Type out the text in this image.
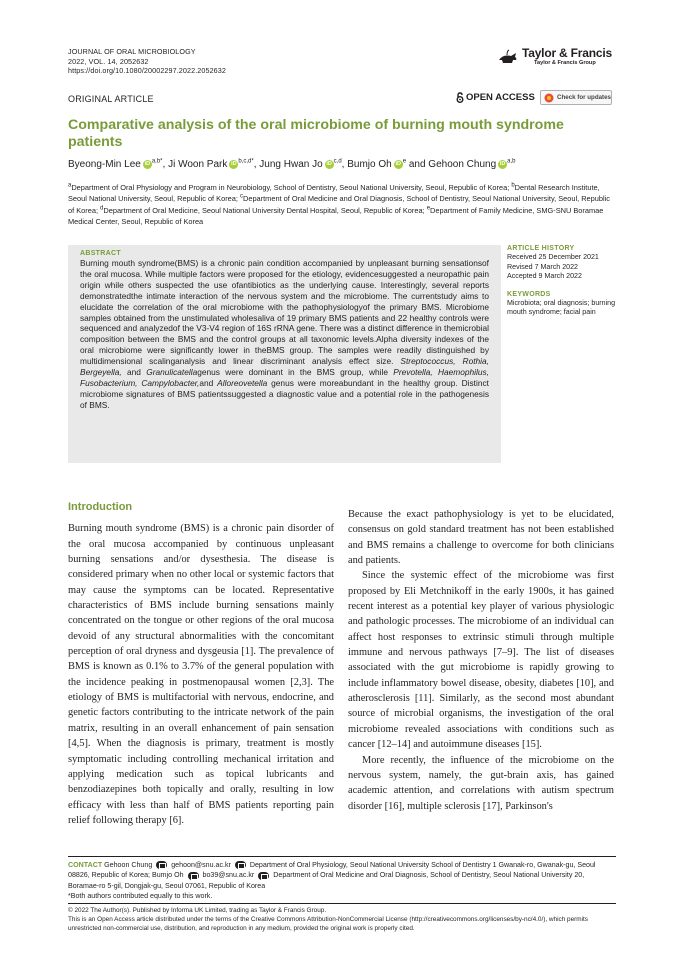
JOURNAL OF ORAL MICROBIOLOGY
2022, VOL. 14, 2052632
https://doi.org/10.1080/20002297.2022.2052632
Taylor & Francis
Taylor & Francis Group
ORIGINAL ARTICLE	OPEN ACCESS	Check for updates
Comparative analysis of the oral microbiome of burning mouth syndrome patients
Byeong-Min Lee iD $^{a,b*}$, Ji Woon Park iD $^{b,c,d*}$, Jung Hwan Jo iD $^{c,d}$, Bumjo Oh iD $^e$ and Gehoon Chung iD $^{a,b}$
$^a$Department of Oral Physiology and Program in Neurobiology, School of Dentistry, Seoul National University, Seoul, Republic of Korea; $^b$Dental Research Institute, Seoul National University, Seoul, Republic of Korea; $^c$Department of Oral Medicine and Oral Diagnosis, School of Dentistry, Seoul National University, Seoul, Republic of Korea; $^d$Department of Oral Medicine, Seoul National University Dental Hospital, Seoul, Republic of Korea; $^e$Department of Family Medicine, SMG-SNU Boramae Medical Center, Seoul, Republic of Korea
ABSTRACT
Burning mouth syndrome(BMS) is a chronic pain condition accompanied by unpleasant burning sensationsof the oral mucosa. While multiple factors were proposed for the etiology, evidencesuggested a neuropathic pain origin while others suspected the use ofantibiotics as the underlying cause. Interestingly, several reports demonstratedthe intimate interaction of the nervous system and the microbiome. The currentstudy aims to elucidate the correlation of the oral microbiome with the pathophysiologyof the primary BMS. Microbiome samples obtained from the unstimulated wholesaliva of 19 primary BMS patients and 22 healthy controls were sequenced and analyzedof the V3-V4 region of 16S rRNA gene. There was a distinct difference in themicrobial composition between the BMS and the control groups at all taxonomic levels.Alpha diversity indexes of the oral microbiome were significantly lower in theBMS group. The samples were readily distinguished by multidimensional scalinganalysis and linear discriminant analysis effect size. Streptococcus, Rothia, Bergeyella, and Granulicatellagenus were dominant in the BMS group, while Prevotella, Haemophilus, Fusobacterium, Campylobacter,and Alloreovetella genus were moreabundant in the healthy group. Distinct microbiome signatures of BMS patientssuggested a diagnostic value and a potential role in the pathogenesis of BMS.
ARTICLE HISTORY
Received 25 December 2021
Revised 7 March 2022
Accepted 9 March 2022
KEYWORDS
Microbiota; oral diagnosis; burning mouth syndrome; facial pain
Introduction

Burning mouth syndrome (BMS) is a chronic pain disorder of the oral mucosa accompanied by continuous unpleasant burning sensations and/or dysesthesia. The disease is considered primary when no other local or systemic factors that may cause the symptoms can be located. Representative characteristics of BMS include burning sensations mainly concentrated on the tongue or other regions of the oral mucosa devoid of any structural abnormalities with the concomitant perception of oral dryness and dysgeusia [1]. The prevalence of BMS is known as 0.1% to 3.7% of the general population with the incidence peaking in postmenopausal women [2,3]. The etiology of BMS is multifactorial with nervous, endocrine, and genetic factors contributing to the intricate network of the pain matrix, resulting in an overall enhancement of pain sensation [4,5]. When the diagnosis is primary, treatment is mostly symptomatic including controlling mechanical irritation and applying medication such as topical lubricants and benzodiazepines both topically and orally, resulting in low efficacy with less than half of BMS patients reporting pain relief following therapy [6].

Because the exact pathophysiology is yet to be elucidated, consensus on gold standard treatment has not been established and BMS remains a challenge to overcome for both clinicians and patients.

Since the systemic effect of the microbiome was first proposed by Eli Metchnikoff in the early 1900s, it has gained recent interest as a potential key player of various physiologic and pathologic processes. The microbiome of an individual can affect host responses to extrinsic stimuli through multiple immune and nervous pathways [7–9]. The list of diseases associated with the gut microbiome is rapidly growing to include inflammatory bowel disease, obesity, diabetes [10], and atherosclerosis [11]. Similarly, as the second most abundant source of microbial organisms, the investigation of the oral microbiome revealed associations with conditions such as cancer [12–14] and autoimmune diseases [15].

More recently, the influence of the microbiome on the nervous system, namely, the gut-brain axis, has gained academic attention, and correlations with autism spectrum disorder [16], multiple sclerosis [17], Parkinson's

CONTACT Gehoon Chung	gehoon@snu.ac.kr	Department of Oral Physiology, Seoul National University School of Dentistry 1 Gwanak-ro, Gwanak-gu, Seoul 08826, Republic of Korea; Bumjo Oh	bo39@snu.ac.kr	Department of Oral Medicine and Oral Diagnosis, School of Dentistry, Seoul National University 20, Boramae-ro 5-gil, Dongjak-gu, Seoul 07061, Republic of Korea
*Both authors contributed equally to this work.
© 2022 The Author(s). Published by Informa UK Limited, trading as Taylor & Francis Group.
This is an Open Access article distributed under the terms of the Creative Commons Attribution-NonCommercial License (http://creativecommons.org/licenses/by-nc/4.0/), which permits unrestricted non-commercial use, distribution, and reproduction in any medium, provided the original work is properly cited.
